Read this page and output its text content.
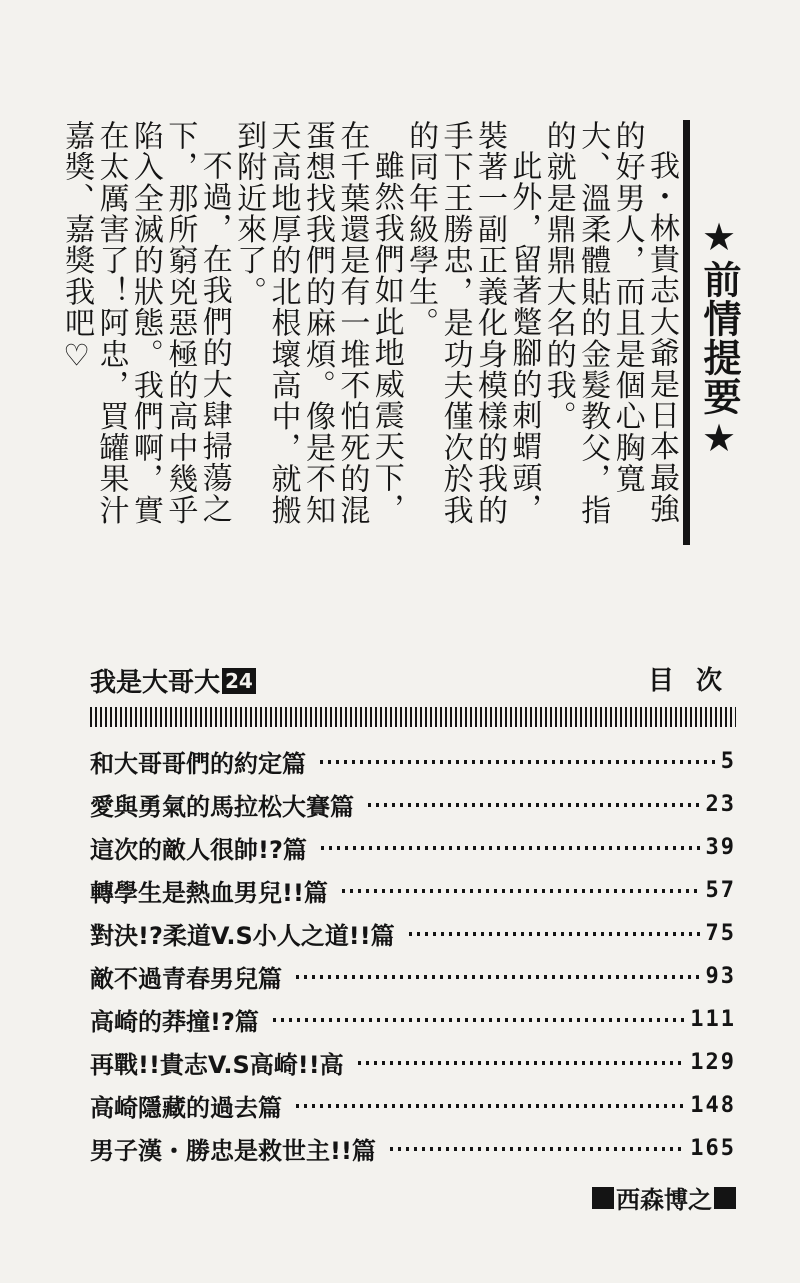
★前情提要★

我・林貴志大爺是日本最強的好男人，而且是個心胸寬大、溫柔體貼的金髮教父，指的就是鼎鼎大名的我。

此外，留著蹩腳的刺蝟頭，裝著一副正義化身模樣的我的手下王勝忠，是功夫僅次於我的同年級學生。

雖然我們如此地威震天下，在千葉還是有一堆不怕死的混蛋想找我們的麻煩。像是不知天高地厚的北根壞高中，就搬到附近來了。

不過，在我們的大肆掃蕩之下，那所窮兇惡極的高中幾乎陷入全滅的狀態。我們啊，實在太厲害了！阿忠，買罐果汁嘉獎、嘉獎我吧♡

我是大哥大 24	目次
和大哥哥們的約定篇	5
愛與勇氣的馬拉松大賽篇	23
這次的敵人很帥!?篇	39
轉學生是熱血男兒!!篇	57
對決!?柔道V.S小人之道!!篇	75
敵不過青春男兒篇	93
高崎的莽撞!?篇	111
再戰!!貴志V.S高崎!!高	129
高崎隱藏的過去篇	148
男子漢・勝忠是救世主!!篇	165
西森博之
